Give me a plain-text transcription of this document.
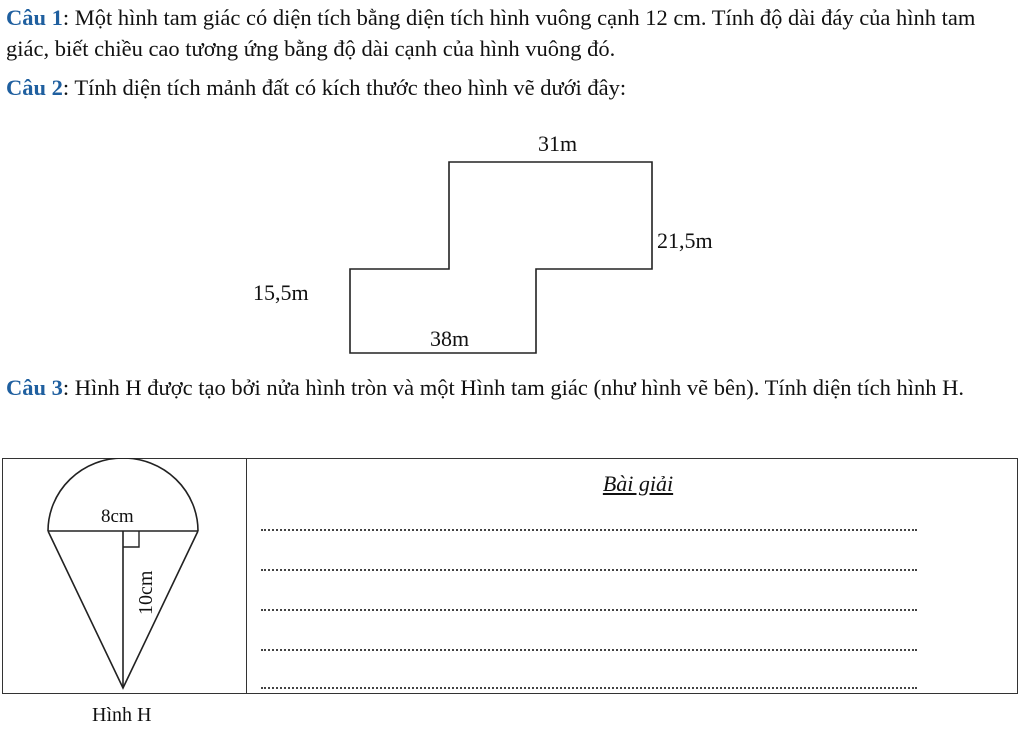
Câu 1: Một hình tam giác có diện tích bằng diện tích hình vuông cạnh 12 cm. Tính độ dài đáy của hình tam giác, biết chiều cao tương ứng bằng độ dài cạnh của hình vuông đó.

Câu 2: Tính diện tích mảnh đất có kích thước theo hình vẽ dưới đây:

31m
21,5m
15,5m
38m

Câu 3: Hình H được tạo bởi nửa hình tròn và một Hình tam giác (như hình vẽ bên). Tính diện tích hình H.

Bài giải
8cm
10cm
Hình H
